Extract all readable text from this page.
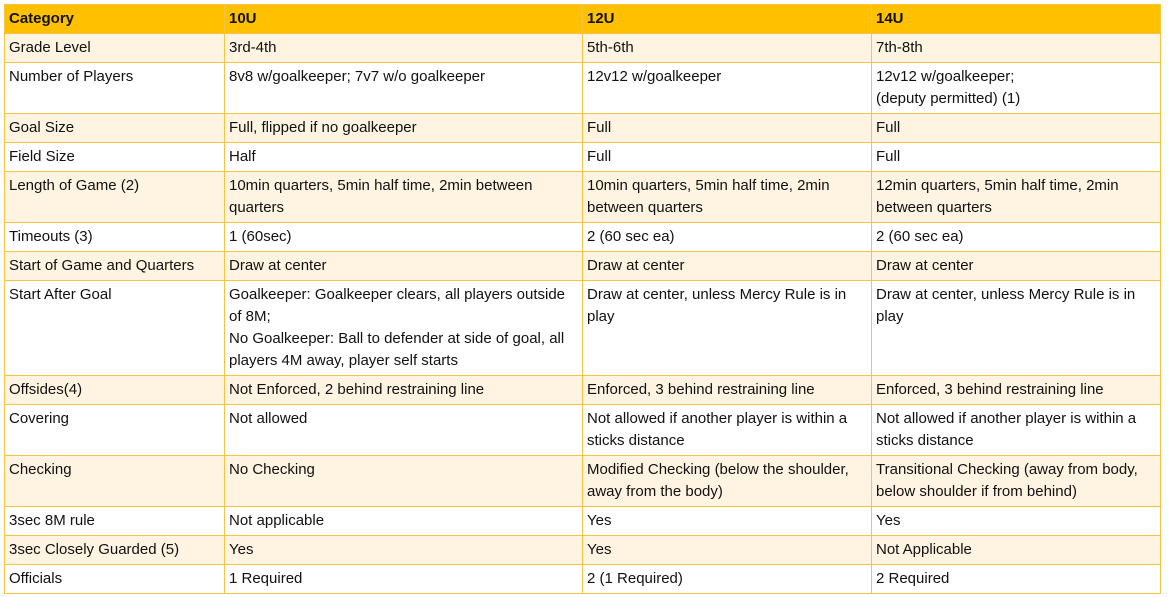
Category	10U	12U	14U
Grade Level	3rd-4th	5th-6th	7th-8th
Number of Players	8v8 w/goalkeeper; 7v7 w/o goalkeeper	12v12 w/goalkeeper	12v12 w/goalkeeper;
(deputy permitted) (1)
Goal Size	Full, flipped if no goalkeeper	Full	Full
Field Size	Half	Full	Full
Length of Game (2)	10min quarters, 5min half time, 2min between quarters	10min quarters, 5min half time, 2min between quarters	12min quarters, 5min half time, 2min between quarters
Timeouts (3)	1 (60sec)	2 (60 sec ea)	2 (60 sec ea)
Start of Game and Quarters	Draw at center	Draw at center	Draw at center
Start After Goal	Goalkeeper: Goalkeeper clears, all players outside of 8M;
No Goalkeeper: Ball to defender at side of goal, all players 4M away, player self starts	Draw at center, unless Mercy Rule is in play	Draw at center, unless Mercy Rule is in play
Offsides(4)	Not Enforced, 2 behind restraining line	Enforced, 3 behind restraining line	Enforced, 3 behind restraining line
Covering	Not allowed	Not allowed if another player is within a sticks distance	Not allowed if another player is within a sticks distance
Checking	No Checking	Modified Checking (below the shoulder, away from the body)	Transitional Checking (away from body, below shoulder if from behind)
3sec 8M rule	Not applicable	Yes	Yes
3sec Closely Guarded (5)	Yes	Yes	Not Applicable
Officials	1 Required	2 (1 Required)	2 Required
